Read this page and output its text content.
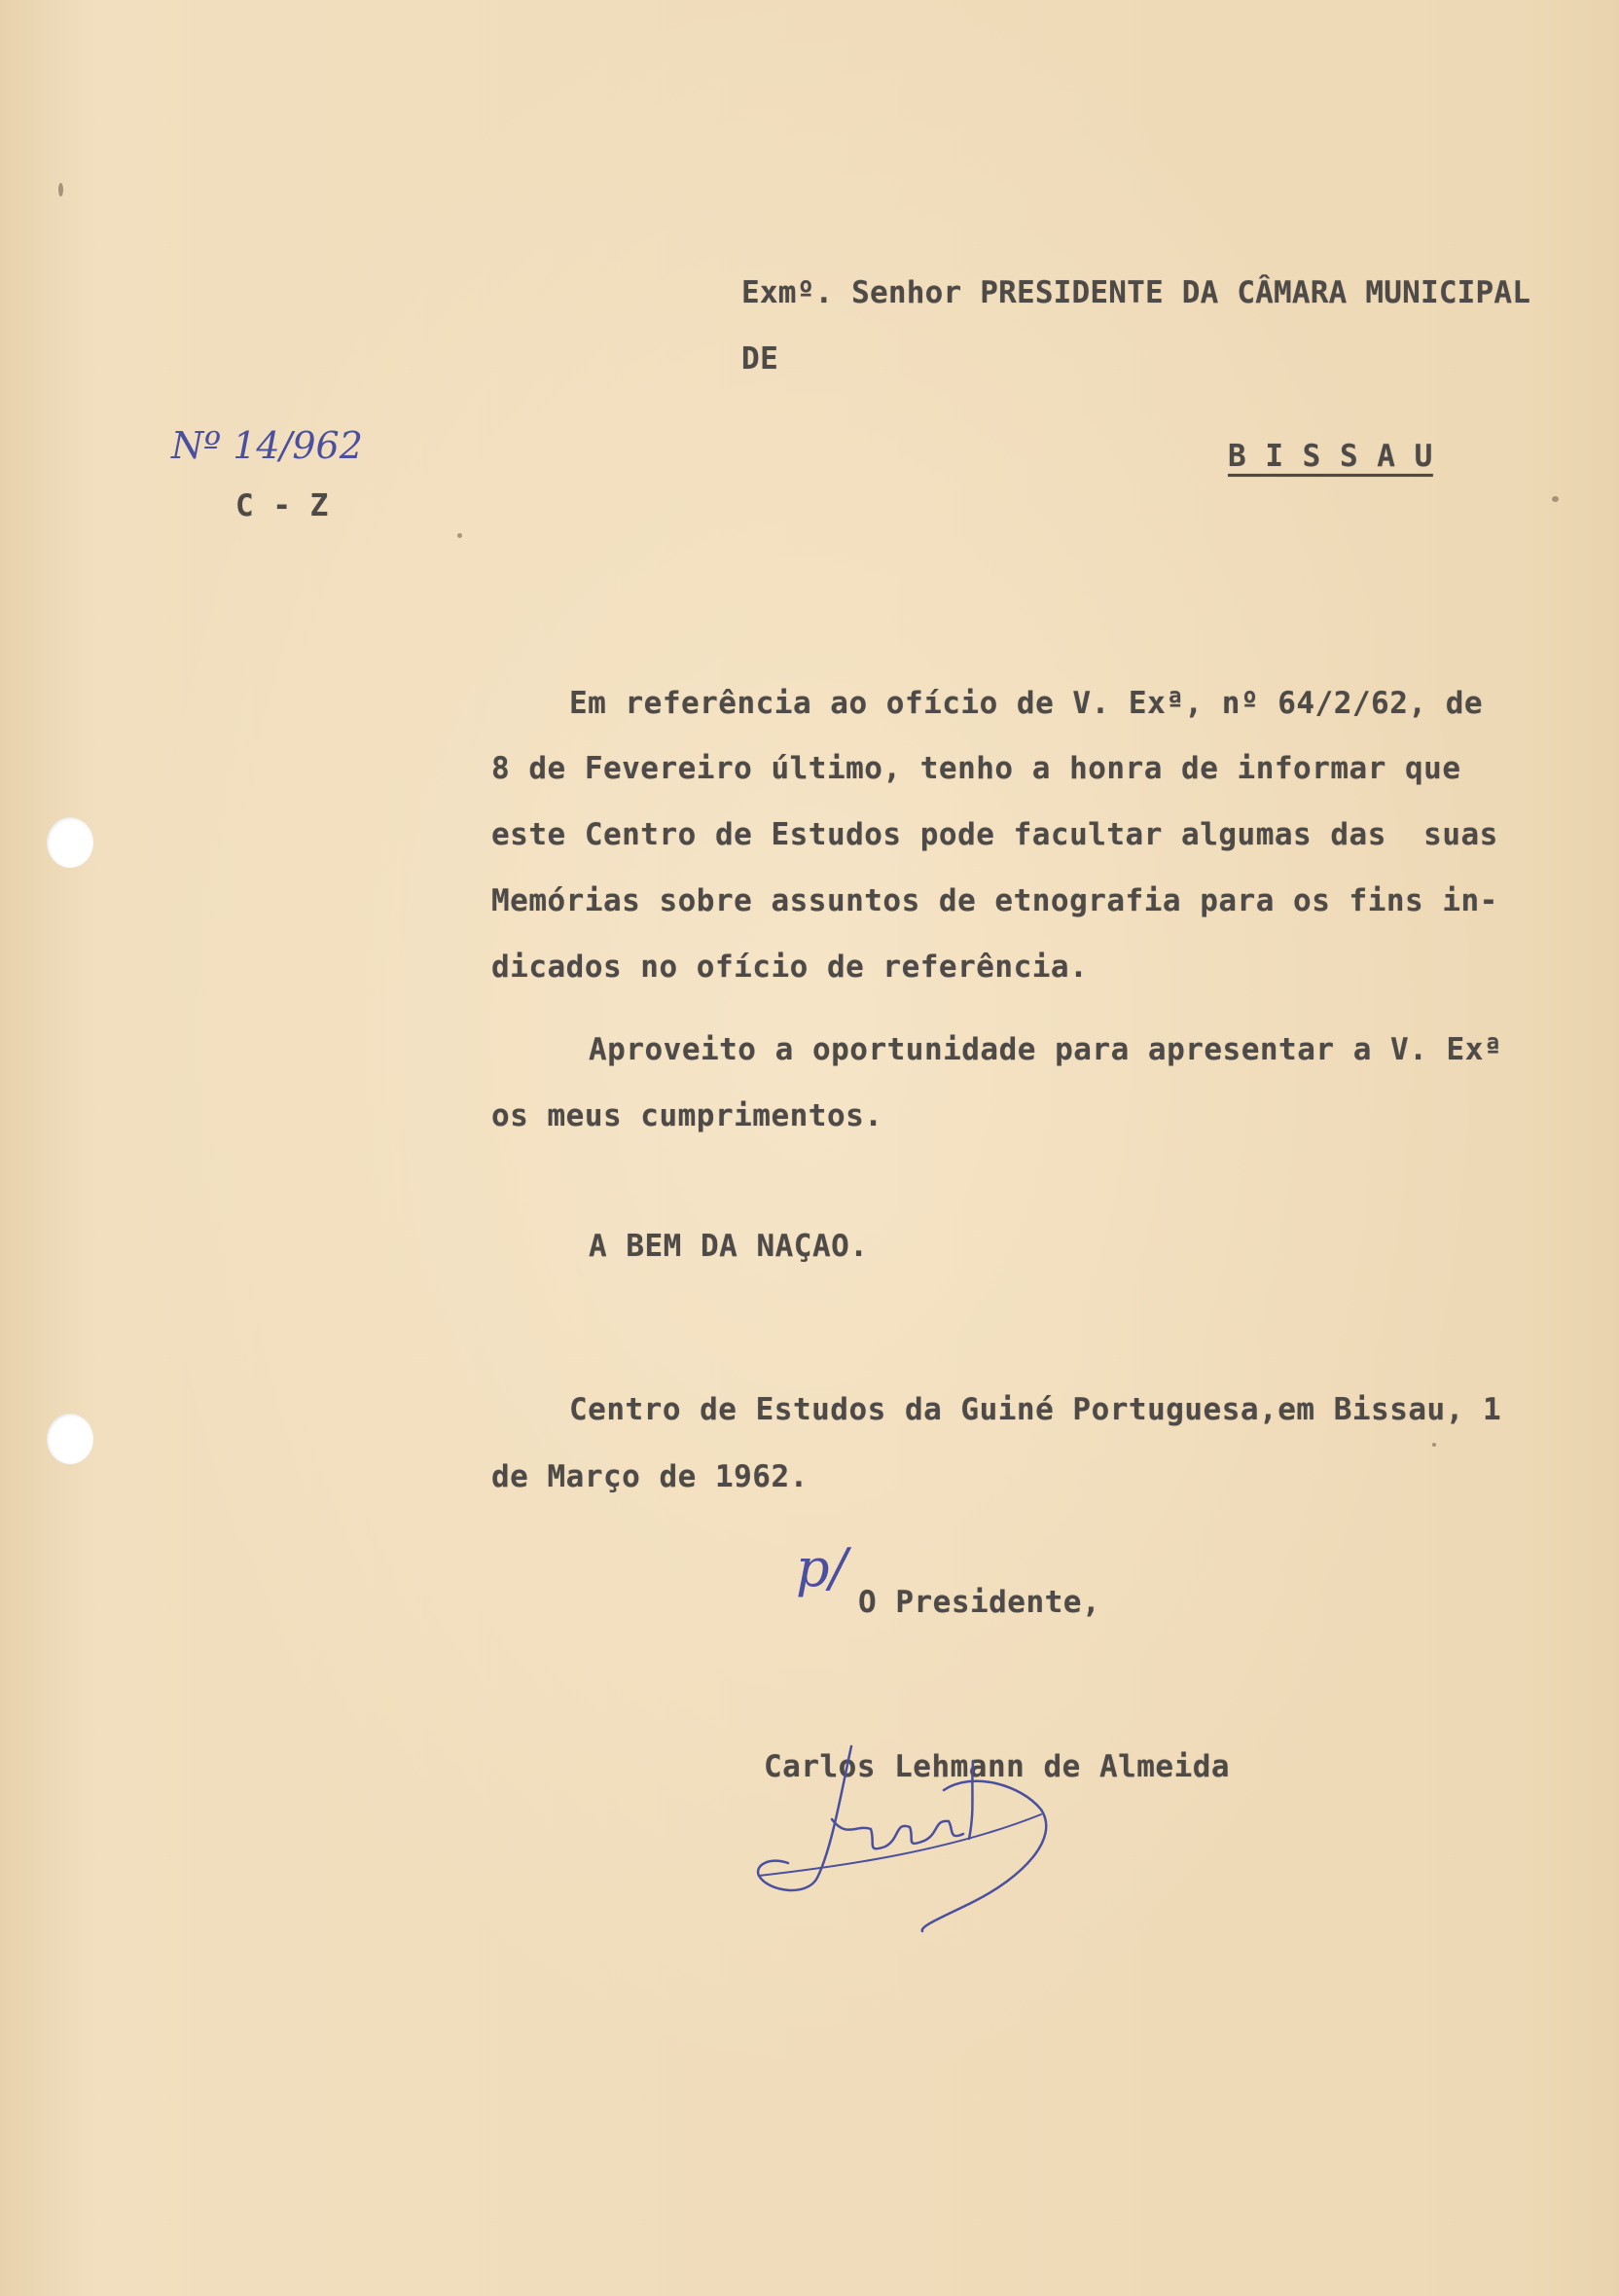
Exmº. Senhor PRESIDENTE DA CÂMARA MUNICIPAL
DE
B I S S A U
Nº 14/962
C - Z
Em referência ao ofício de V. Exª, nº 64/2/62, de
8 de Fevereiro último, tenho a honra de informar que
este Centro de Estudos pode facultar algumas das  suas
Memórias sobre assuntos de etnografia para os fins in-
dicados no ofício de referência.
Aproveito a oportunidade para apresentar a V. Exª
os meus cumprimentos.
A BEM DA NAÇAO.
Centro de Estudos da Guiné Portuguesa,em Bissau, 1
de Março de 1962.
p/
O Presidente,
Carlos Lehmann de Almeida
